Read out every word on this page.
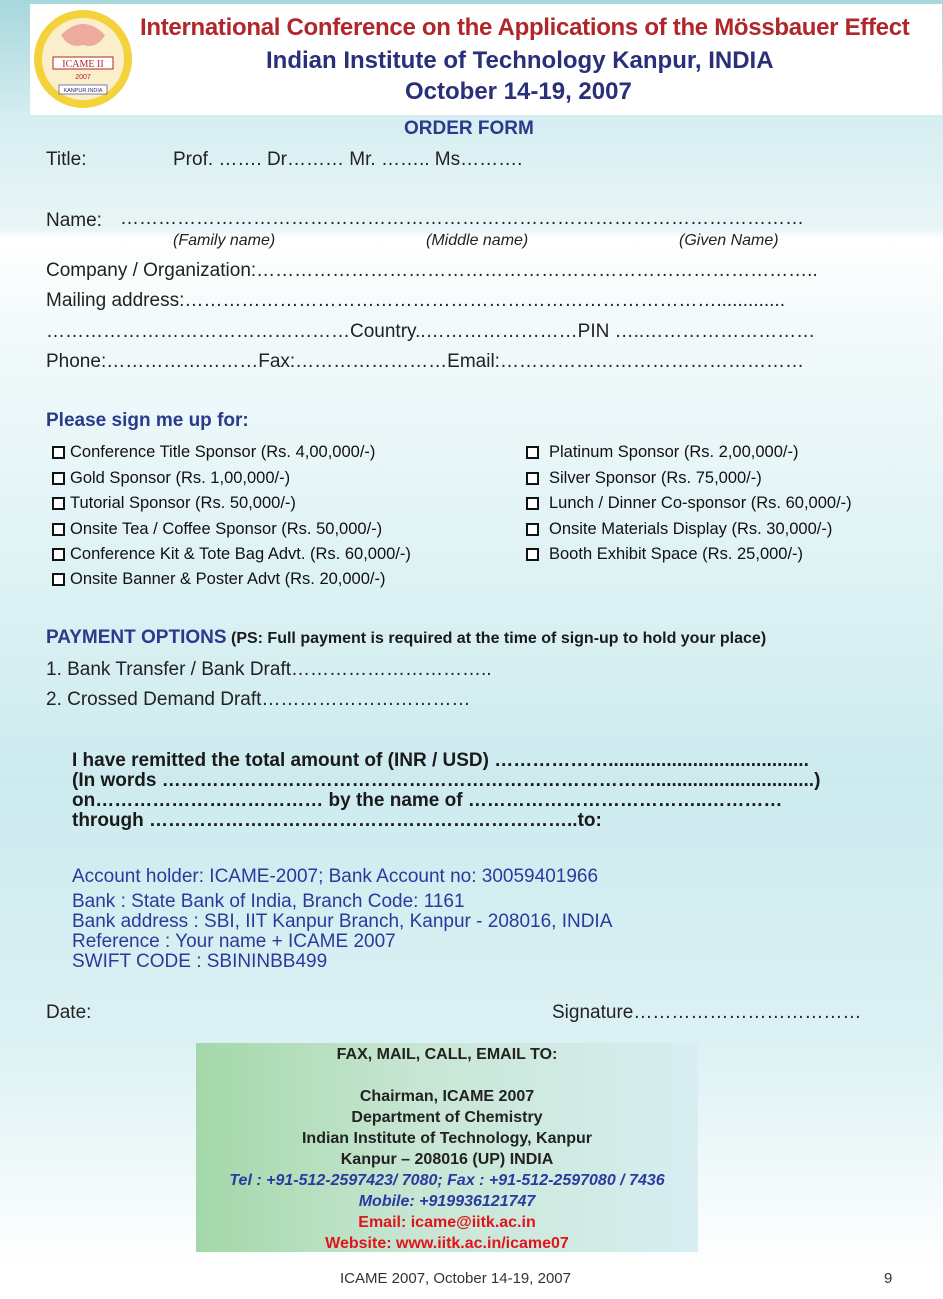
ICAME II
2007
KANPUR INDIA
International Conference on the Applications of the Mössbauer Effect
Indian Institute of Technology Kanpur, INDIA
October 14-19, 2007
ORDER FORM
Title:	Prof. ……. Dr……… Mr. …….. Ms……….
Name: ………………………………………………………………………………………………
(Family name)	(Middle name)	(Given Name)
Company / Organization:……………………………………………………………………………..
Mailing address:………………………………………………………………………….............
…………………………………………Country..……………………PIN …..………………………
Phone:……………………Fax:……………………Email:…………………………………………
Please sign me up for:
Conference Title Sponsor (Rs. 4,00,000/-)
Gold Sponsor (Rs. 1,00,000/-)
Tutorial Sponsor (Rs. 50,000/-)
Onsite Tea / Coffee Sponsor (Rs. 50,000/-)
Conference Kit & Tote Bag Advt. (Rs. 60,000/-)
Onsite Banner & Poster Advt (Rs. 20,000/-)
Platinum Sponsor (Rs. 2,00,000/-)
Silver Sponsor (Rs. 75,000/-)
Lunch / Dinner Co-sponsor (Rs. 60,000/-)
Onsite Materials Display (Rs. 30,000/-)
Booth Exhibit Space (Rs. 25,000/-)
PAYMENT OPTIONS (PS: Full payment is required at the time of sign-up to hold your place)
1. Bank Transfer / Bank Draft…………………………..
2. Crossed Demand Draft……………………………
I have remitted the total amount of (INR / USD) ………………......................................
(In words ……………………………………………………………………..............................)
on……………………………… by the name of ………………………………..…………
through …………………………………………………………..to:
Account holder: ICAME-2007; Bank Account no: 30059401966
Bank : State Bank of India, Branch Code: 1161
Bank address : SBI, IIT Kanpur Branch, Kanpur - 208016, INDIA
Reference : Your name + ICAME 2007
SWIFT CODE : SBININBB499
Date:	Signature………………………………
FAX, MAIL, CALL, EMAIL TO:
Chairman, ICAME 2007
Department of Chemistry
Indian Institute of Technology, Kanpur
Kanpur – 208016 (UP) INDIA
Tel : +91-512-2597423/ 7080; Fax : +91-512-2597080 / 7436
Mobile: +919936121747
Email: icame@iitk.ac.in
Website: www.iitk.ac.in/icame07
ICAME 2007, October 14-19, 2007	9
